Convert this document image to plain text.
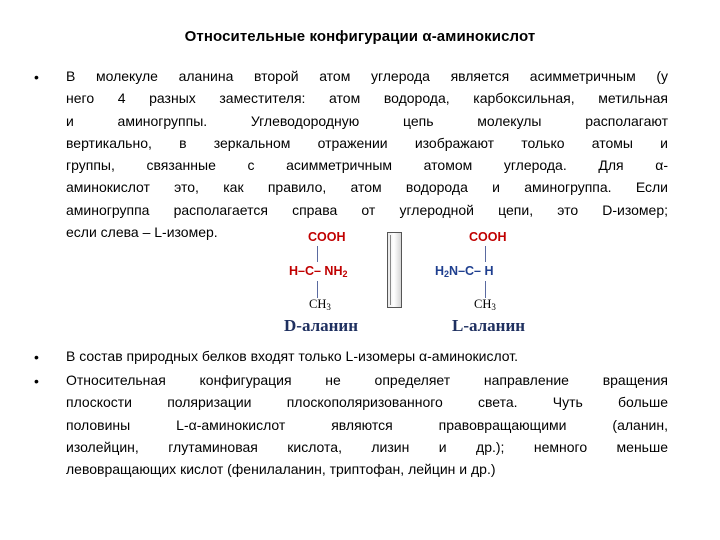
Относительные конфигурации α-аминокислот
• В молекуле аланина второй атом углерода является асимметричным (у
него 4 разных заместителя: атом водорода, карбоксильная, метильная
и аминогруппы. Углеводородную цепь молекулы располагают
вертикально, в зеркальном отражении изображают только атомы и
группы, связанные с асимметричным атомом углерода. Для α-
аминокислот это, как правило, атом водорода и аминогруппа. Если
аминогруппа располагается справа от углеродной цепи, это D-изомер;
если слева – L-изомер.	COOH
H–C– $NH_2$
$CH_3$
D-аланин
COOH
$H_2N-C-$ H
$CH_3$
L-аланин
• В состав природных белков входят только L-изомеры α-аминокислот.
• Относительная конфигурация не определяет направление вращения
плоскости поляризации плоскополяризованного света. Чуть больше
половины L-α-аминокислот являются правовращающими (аланин,
изолейцин, глутаминовая кислота, лизин и др.); немного меньше
левовращающих кислот (фенилаланин, триптофан, лейцин и др.)
